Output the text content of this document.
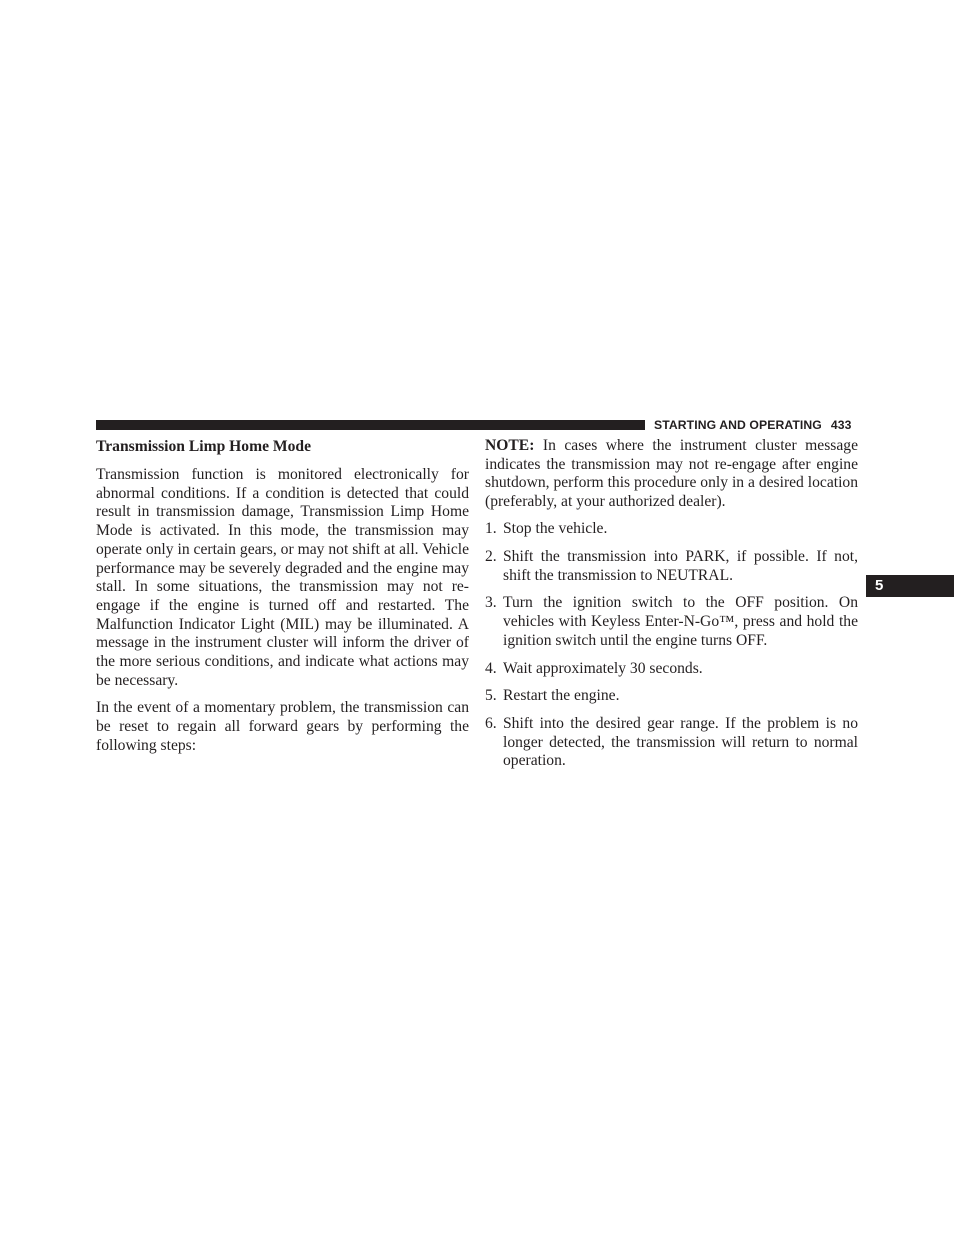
STARTING AND OPERATING 433
5
Transmission Limp Home Mode

Transmission function is monitored electronically for abnormal conditions. If a condition is detected that could result in transmission damage, Transmission Limp Home Mode is activated. In this mode, the transmission may operate only in certain gears, or may not shift at all. Vehicle performance may be severely degraded and the engine may stall. In some situations, the transmission may not re-engage if the engine is turned off and restarted. The Malfunction Indicator Light (MIL) may be illuminated. A message in the instrument cluster will inform the driver of the more serious conditions, and indicate what actions may be necessary.

In the event of a momentary problem, the transmission can be reset to regain all forward gears by performing the following steps:

NOTE: In cases where the instrument cluster message indicates the transmission may not re-engage after engine shutdown, perform this procedure only in a desired location (preferably, at your authorized dealer).

1. Stop the vehicle.
2. Shift the transmission into PARK, if possible. If not, shift the transmission to NEUTRAL.
3. Turn the ignition switch to the OFF position. On vehicles with Keyless Enter-N-Go™, press and hold the ignition switch until the engine turns OFF.
4. Wait approximately 30 seconds.
5. Restart the engine.
6. Shift into the desired gear range. If the problem is no longer detected, the transmission will return to normal operation.
